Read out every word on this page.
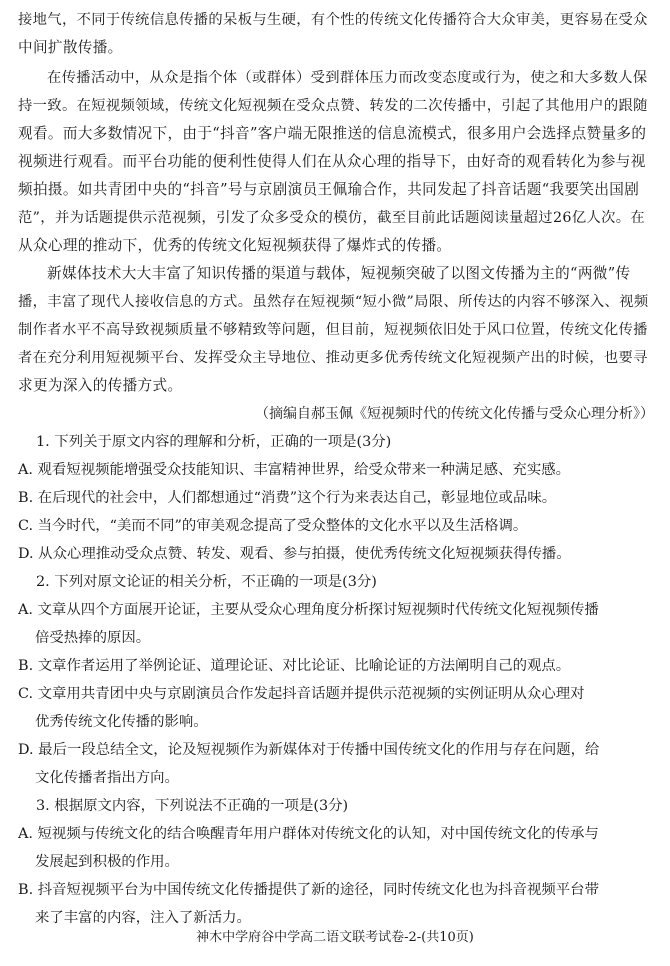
接地气，不同于传统信息传播的呆板与生硬，有个性的传统文化传播符合大众审美，更容易在受众
中间扩散传播。

在传播活动中，从众是指个体（或群体）受到群体压力而改变态度或行为，使之和大多数人保
持一致。在短视频领域，传统文化短视频在受众点赞、转发的二次传播中，引起了其他用户的跟随
观看。而大多数情况下，由于“抖音”客户端无限推送的信息流模式，很多用户会选择点赞量多的
视频进行观看。而平台功能的便利性使得人们在从众心理的指导下，由好奇的观看转化为参与视
频拍摄。如共青团中央的“抖音”号与京剧演员王佩瑜合作，共同发起了抖音话题“我要笑出国剧
范”，并为话题提供示范视频，引发了众多受众的模仿，截至目前此话题阅读量超过26亿人次。在
从众心理的推动下，优秀的传统文化短视频获得了爆炸式的传播。

新媒体技术大大丰富了知识传播的渠道与载体，短视频突破了以图文传播为主的“两微”传
播，丰富了现代人接收信息的方式。虽然存在短视频“短小微”局限、所传达的内容不够深入、视频
制作者水平不高导致视频质量不够精致等问题，但目前，短视频依旧处于风口位置，传统文化传播
者在充分利用短视频平台、发挥受众主导地位、推动更多优秀传统文化短视频产出的时候，也要寻
求更为深入的传播方式。

（摘编自郝玉佩《短视频时代的传统文化传播与受众心理分析》）
1. 下列关于原文内容的理解和分析，正确的一项是(3分)
A. 观看短视频能增强受众技能知识、丰富精神世界，给受众带来一种满足感、充实感。
B. 在后现代的社会中，人们都想通过“消费”这个行为来表达自己，彰显地位或品味。
C. 当今时代，“美而不同”的审美观念提高了受众整体的文化水平以及生活格调。
D. 从众心理推动受众点赞、转发、观看、参与拍摄，使优秀传统文化短视频获得传播。
2. 下列对原文论证的相关分析，不正确的一项是(3分)
A. 文章从四个方面展开论证，主要从受众心理角度分析探讨短视频时代传统文化短视频传播
倍受热捧的原因。
B. 文章作者运用了举例论证、道理论证、对比论证、比喻论证的方法阐明自己的观点。
C. 文章用共青团中央与京剧演员合作发起抖音话题并提供示范视频的实例证明从众心理对
优秀传统文化传播的影响。
D. 最后一段总结全文，论及短视频作为新媒体对于传播中国传统文化的作用与存在问题，给
文化传播者指出方向。
3. 根据原文内容，下列说法不正确的一项是(3分)
A. 短视频与传统文化的结合唤醒青年用户群体对传统文化的认知，对中国传统文化的传承与
发展起到积极的作用。
B. 抖音短视频平台为中国传统文化传播提供了新的途径，同时传统文化也为抖音视频平台带
来了丰富的内容，注入了新活力。
神木中学府谷中学高二语文联考试卷-2-(共10页)
